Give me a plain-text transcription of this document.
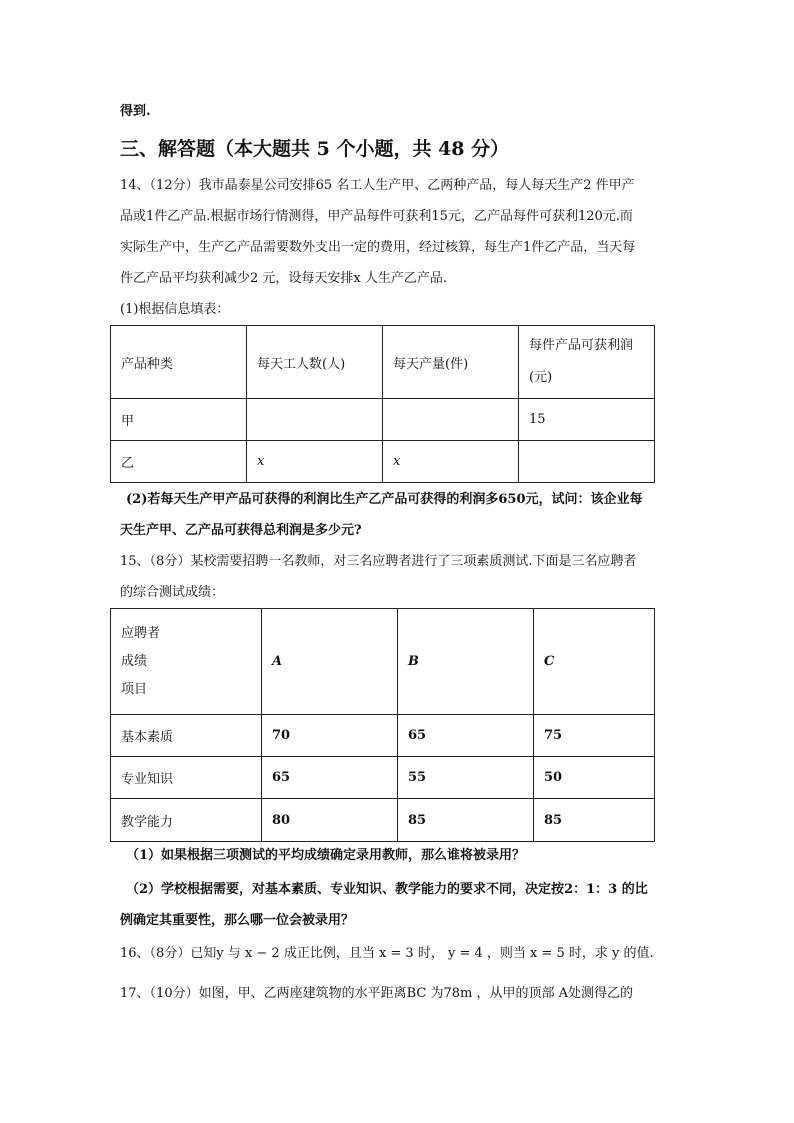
得到.
三、解答题（本大题共 5 个小题，共 48 分）
14、（12分）我市晶泰星公司安排65 名工人生产甲、乙两种产品，每人每天生产2 件甲产
品或1件乙产品.根据市场行情测得，甲产品每件可获利15元，乙产品每件可获利120元.而
实际生产中，生产乙产品需要数外支出一定的费用，经过核算，每生产1件乙产品，当天每
件乙产品平均获利减少2 元，设每天安排x 人生产乙产品.
(1)根据信息填表：
产品种类	每天工人数(人)	每天产量(件)	每件产品可获利润
(元)

甲			15
乙	x	x	
(2)若每天生产甲产品可获得的利润比生产乙产品可获得的利润多650元，试问：该企业每
天生产甲、乙产品可获得总利润是多少元?
15、（8分）某校需要招聘一名教师，对三名应聘者进行了三项素质测试.下面是三名应聘者
的综合测试成绩：
应聘者
成绩
项目	A	B	C
基本素质	70	65	75
专业知识	65	55	50
教学能力	80	85	85
（1）如果根据三项测试的平均成绩确定录用教师，那么谁将被录用？
（2）学校根据需要，对基本素质、专业知识、教学能力的要求不同，决定按2：1：3 的比
例确定其重要性，那么哪一位会被录用？
16、（8分）已知y 与 x − 2 成正比例，且当 x = 3 时， y = 4 ，则当 x = 5 时，求 y 的值.
17、（10分）如图，甲、乙两座建筑物的水平距离BC 为78m ，从甲的顶部 A处测得乙的
